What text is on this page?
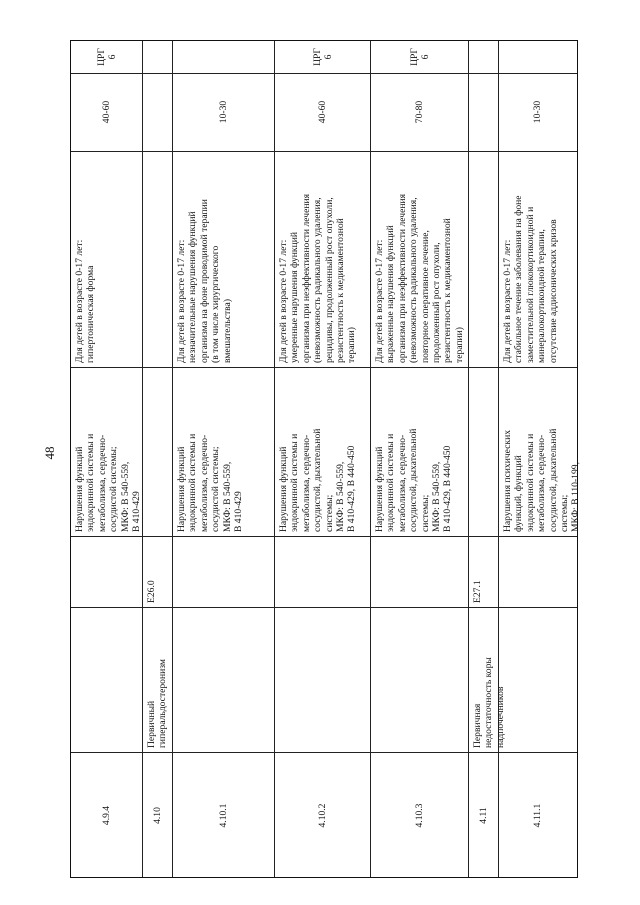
48

4.9.4

Нарушения функций
эндокринной системы и
метаболизма, сердечно-
сосудистой системы;
МКФ: В 540-559,
В 410-429

Для детей в возрасте 0-17 лет:
гипертоническая форма

40-60

ЦРГ 6

4.10

Первичный
гиперальдостеронизм

E26.0

4.10.1

Нарушения функций
эндокринной системы и
метаболизма, сердечно-
сосудистой системы;
МКФ: В 540-559,
В 410-429

Для детей в возрасте 0-17 лет:
незначительные нарушения функций
организма на фоне проводимой терапии
(в том числе хирургического
вмешательства)

10-30

4.10.2

Нарушения функций
эндокринной системы и
метаболизма, сердечно-
сосудистой, дыхательной
системы;
МКФ: В 540-559,
В 410-429, В 440-450

Для детей в возрасте 0-17 лет:
умеренные нарушения функций
организма при неэффективности лечения
(невозможность радикального удаления,
рецидивы, продолженный рост опухоли,
резистентность к медикаментозной
терапии)

40-60

ЦРГ 6

4.10.3

Нарушения функций
эндокринной системы и
метаболизма, сердечно-
сосудистой, дыхательной
системы;
МКФ: В 540-559,
В 410-429, В 440-450

Для детей в возрасте 0-17 лет:
выраженные нарушения функций
организма при неэффективности лечения
(невозможность радикального удаления,
повторное оперативное лечение,
продолженный рост опухоли,
резистентность к медикаментозной
терапии)

70-80

ЦРГ 6

4.11

Первичная
недостаточность коры
надпочечников

E27.1

4.11.1

Нарушения психических
функций, функций
эндокринной системы и
метаболизма, сердечно-
сосудистой, дыхательной
системы;
МКФ: В 110-199,

Для детей в возрасте 0-17 лет:
стабильное течение заболевания на фоне
заместительной глюкокортикоидной и
минералокортикоидной терапии,
отсутствие аддисонических кризов

10-30
